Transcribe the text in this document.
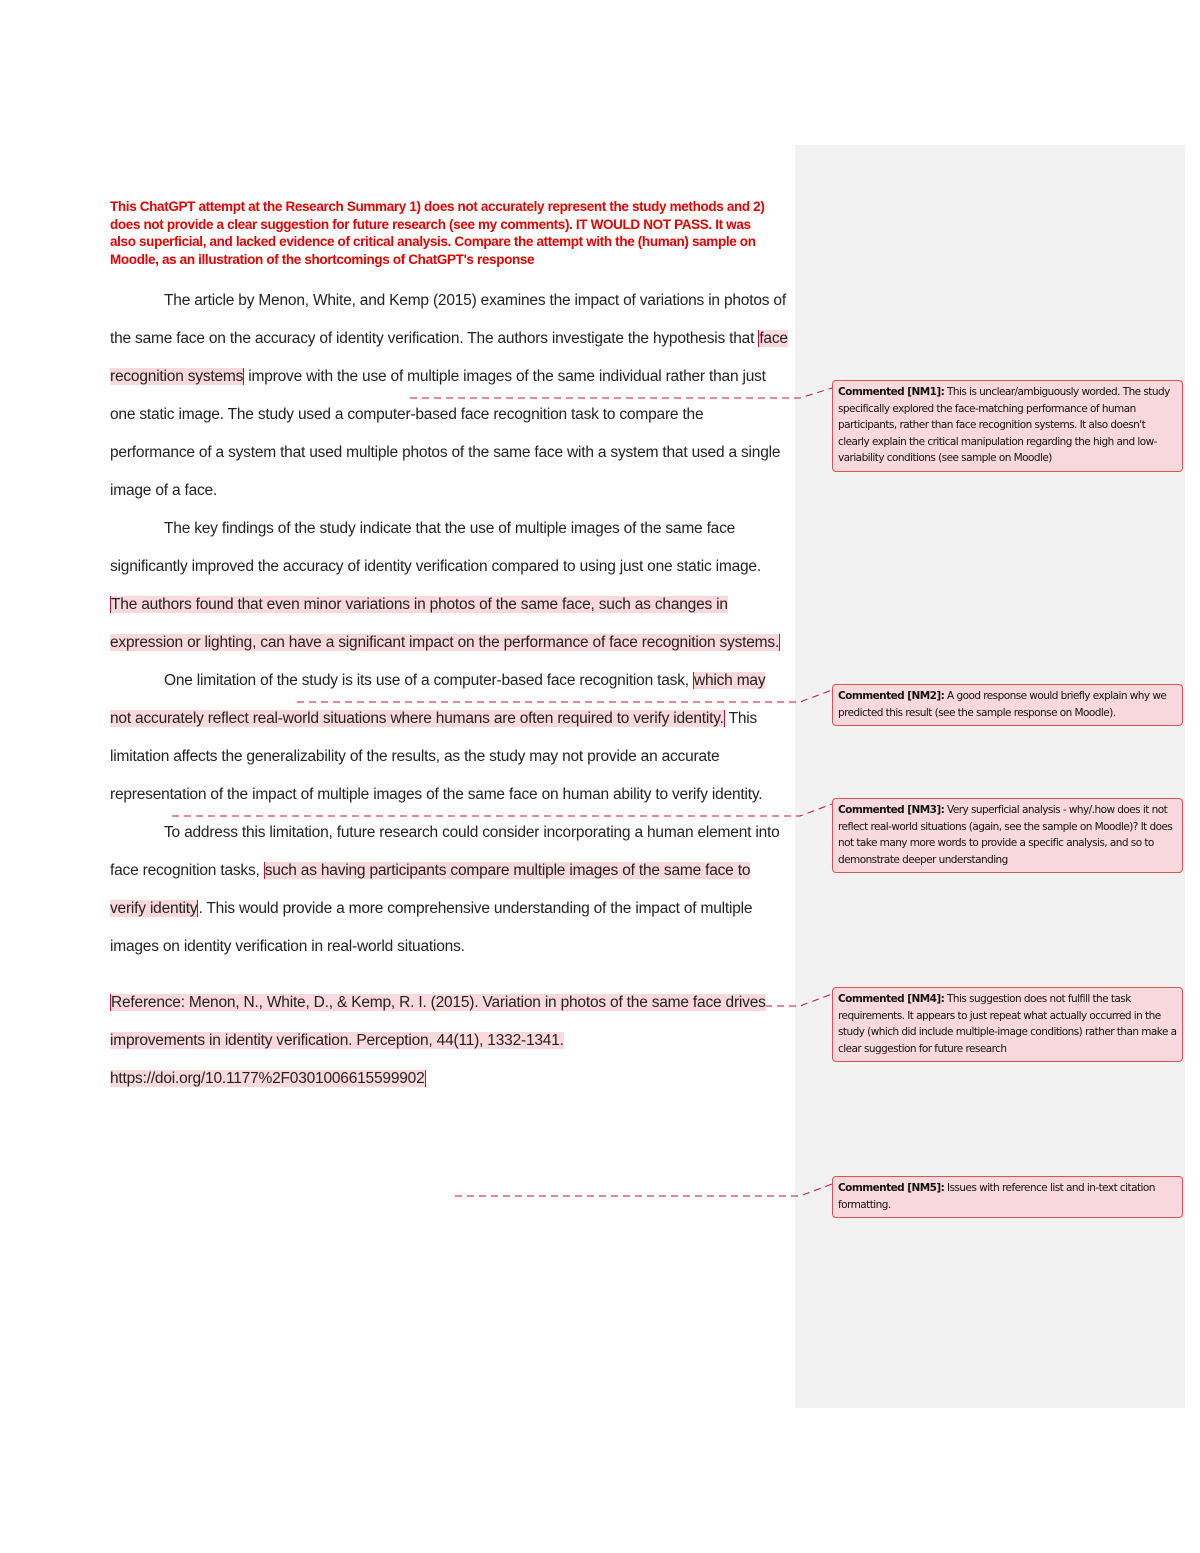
This ChatGPT attempt at the Research Summary 1) does not accurately represent the study methods and 2) does not provide a clear suggestion for future research (see my comments). IT WOULD NOT PASS. It was also superficial, and lacked evidence of critical analysis. Compare the attempt with the (human) sample on Moodle, as an illustration of the shortcomings of ChatGPT's response

The article by Menon, White, and Kemp (2015) examines the impact of variations in photos of the same face on the accuracy of identity verification. The authors investigate the hypothesis that face recognition systems improve with the use of multiple images of the same individual rather than just one static image. The study used a computer-based face recognition task to compare the performance of a system that used multiple photos of the same face with a system that used a single image of a face.

The key findings of the study indicate that the use of multiple images of the same face significantly improved the accuracy of identity verification compared to using just one static image. The authors found that even minor variations in photos of the same face, such as changes in expression or lighting, can have a significant impact on the performance of face recognition systems.

One limitation of the study is its use of a computer-based face recognition task, which may not accurately reflect real-world situations where humans are often required to verify identity. This limitation affects the generalizability of the results, as the study may not provide an accurate representation of the impact of multiple images of the same face on human ability to verify identity.

To address this limitation, future research could consider incorporating a human element into face recognition tasks, such as having participants compare multiple images of the same face to verify identity. This would provide a more comprehensive understanding of the impact of multiple images on identity verification in real-world situations.

Reference: Menon, N., White, D., & Kemp, R. I. (2015). Variation in photos of the same face drives improvements in identity verification. Perception, 44(11), 1332-1341. https://doi.org/10.1177%2F0301006615599902

Commented [NM1]: This is unclear/ambiguously worded. The study specifically explored the face-matching performance of human participants, rather than face recognition systems. It also doesn't clearly explain the critical manipulation regarding the high and low-variability conditions (see sample on Moodle)
Commented [NM2]: A good response would briefly explain why we predicted this result (see the sample response on Moodle).
Commented [NM3]: Very superficial analysis - why/.how does it not reflect real-world situations (again, see the sample on Moodle)? It does not take many more words to provide a specific analysis, and so to demonstrate deeper understanding
Commented [NM4]: This suggestion does not fulfill the task requirements. It appears to just repeat what actually occurred in the study (which did include multiple-image conditions) rather than make a clear suggestion for future research
Commented [NM5]: Issues with reference list and in-text citation formatting.
